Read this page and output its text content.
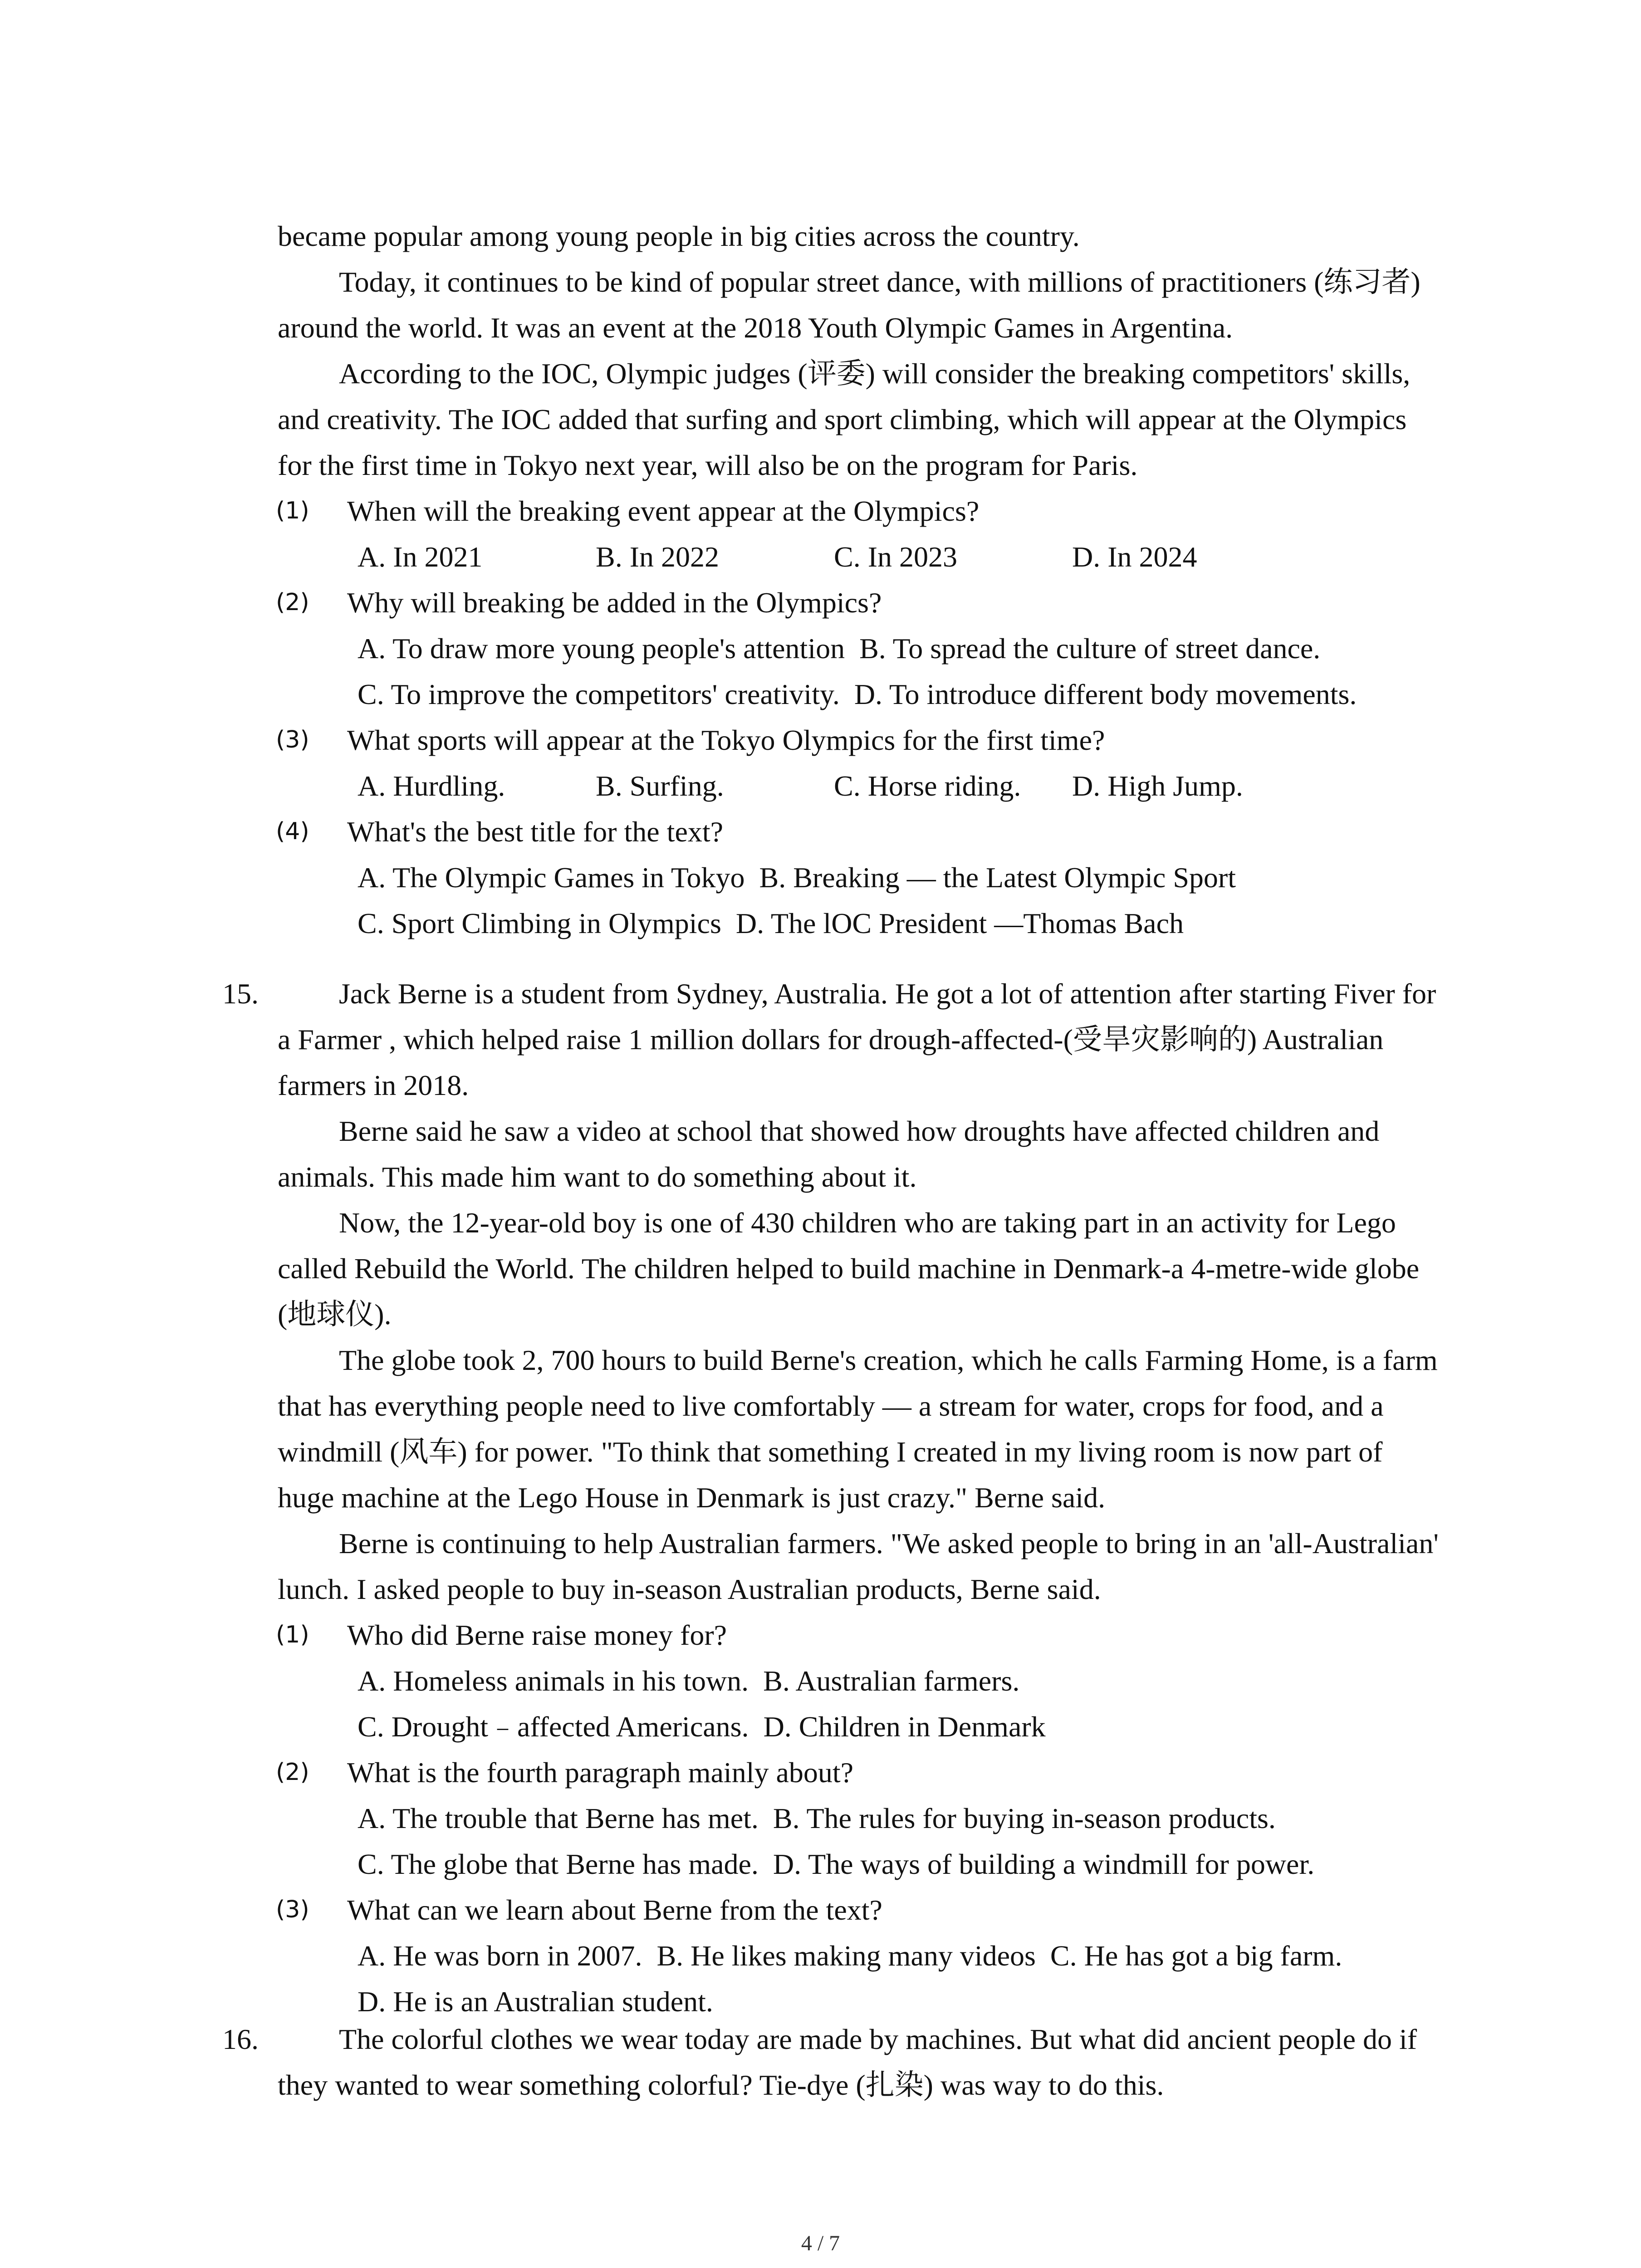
became popular among young people in big cities across the country.

Today, it continues to be kind of popular street dance, with millions of practitioners (练习者) around the world. It was an event at the 2018 Youth Olympic Games in Argentina.

According to the IOC, Olympic judges (评委) will consider the breaking competitors' skills, and creativity. The IOC added that surfing and sport climbing, which will appear at the Olympics for the first time in Tokyo next year, will also be on the program for Paris.

(1)	When will the breaking event appear at the Olympics?

A. In 2021	B. In 2022	C. In 2023	D. In 2024

(2)	Why will breaking be added in the Olympics?

A. To draw more young people's attention B. To spread the culture of street dance.

C. To improve the competitors' creativity. D. To introduce different body movements.

(3)	What sports will appear at the Tokyo Olympics for the first time?

A. Hurdling.	B. Surfing.	C. Horse riding.	D. High Jump.

(4)	What's the best title for the text?

A. The Olympic Games in Tokyo B. Breaking — the Latest Olympic Sport

C. Sport Climbing in Olympics D. The lOC President —Thomas Bach

15.	Jack Berne is a student from Sydney, Australia. He got a lot of attention after starting Fiver for a Farmer , which helped raise 1 million dollars for drough-affected-(受旱灾影响的) Australian farmers in 2018.

Berne said he saw a video at school that showed how droughts have affected children and animals. This made him want to do something about it.

Now, the 12-year-old boy is one of 430 children who are taking part in an activity for Lego called Rebuild the World. The children helped to build machine in Denmark-a 4-metre-wide globe (地球仪).

The globe took 2, 700 hours to build Berne's creation, which he calls Farming Home, is a farm that has everything people need to live comfortably — a stream for water, crops for food, and a windmill (风车) for power. "To think that something I created in my living room is now part of huge machine at the Lego House in Denmark is just crazy." Berne said.

Berne is continuing to help Australian farmers. "We asked people to bring in an 'all-Australian' lunch. I asked people to buy in-season Australian products, Berne said.

(1)	Who did Berne raise money for?

A. Homeless animals in his town. B. Australian farmers.

C. Drought﹣affected Americans. D. Children in Denmark

(2)	What is the fourth paragraph mainly about?

A. The trouble that Berne has met. B. The rules for buying in-season products.

C. The globe that Berne has made. D. The ways of building a windmill for power.

(3)	What can we learn about Berne from the text?

A. He was born in 2007. B. He likes making many videos C. He has got a big farm.

D. He is an Australian student.

16.	The colorful clothes we wear today are made by machines. But what did ancient people do if they wanted to wear something colorful? Tie-dye (扎染) was way to do this.

4 / 7
